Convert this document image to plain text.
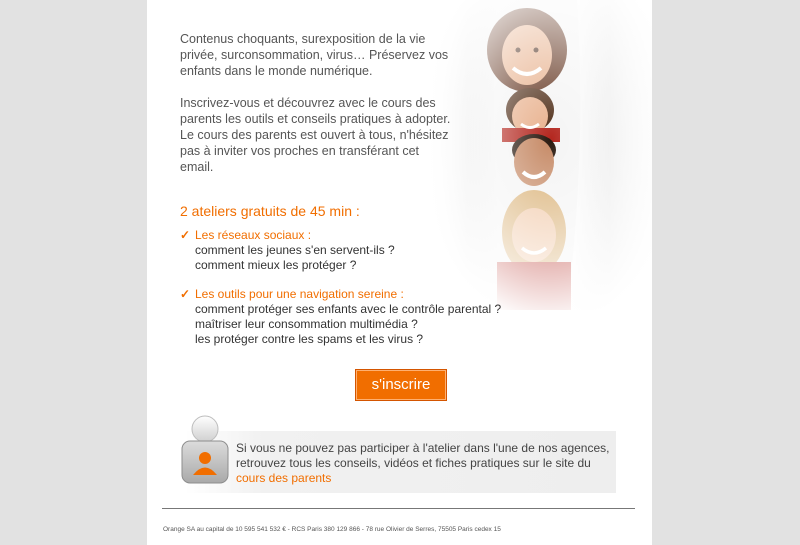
Contenus choquants, surexposition de la vie privée, surconsommation, virus… Préservez vos enfants dans le monde numérique.

Inscrivez-vous et découvrez avec le cours des parents les outils et conseils pratiques à adopter. Le cours des parents est ouvert à tous, n'hésitez pas à inviter vos proches en transférant cet email.

2 ateliers gratuits de 45 min :

✓ Les réseaux sociaux :
comment les jeunes s'en servent-ils ?
comment mieux les protéger ?
✓ Les outils pour une navigation sereine :
comment protéger ses enfants avec le contrôle parental ?
maîtriser leur consommation multimédia ?
les protéger contre les spams et les virus ?
s'inscrire
Si vous ne pouvez pas participer à l'atelier dans l'une de nos agences, retrouvez tous les conseils, vidéos et fiches pratiques sur le site du
cours des parents
Orange SA au capital de 10 595 541 532 € - RCS Paris 380 129 866 - 78 rue Olivier de Serres, 75505 Paris cedex 15
